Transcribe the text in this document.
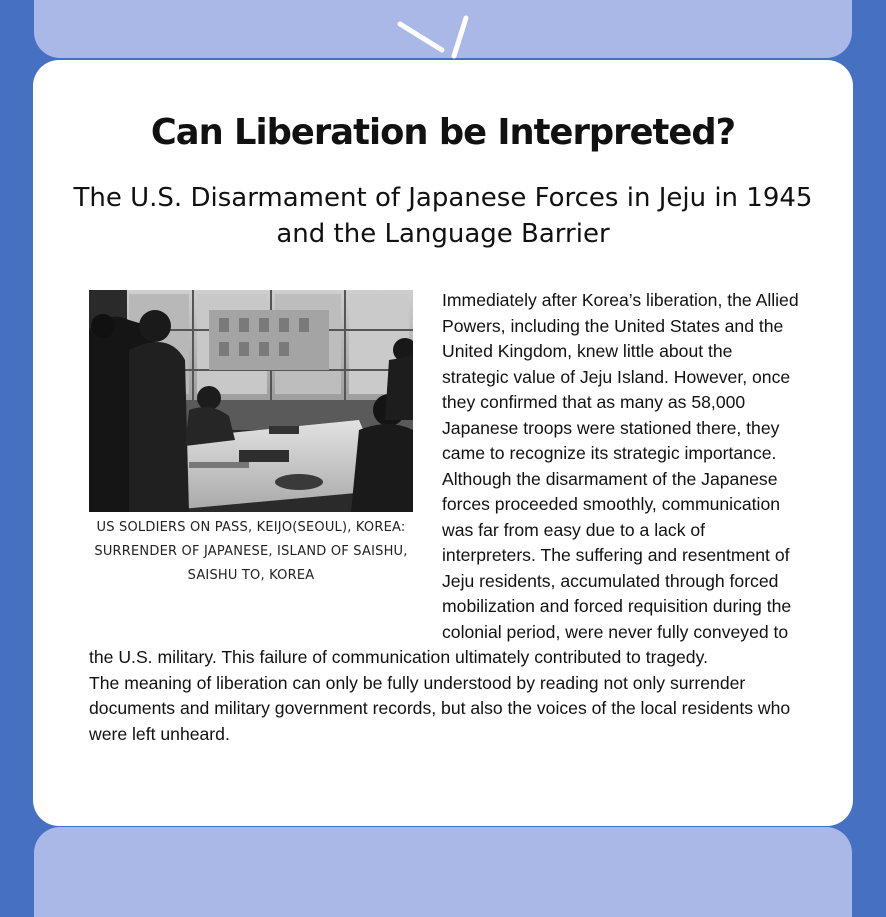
Can Liberation be Interpreted?
The U.S. Disarmament of Japanese Forces in Jeju in 1945 and the Language Barrier

US SOLDIERS ON PASS, KEIJO(SEOUL), KOREA: SURRENDER OF JAPANESE, ISLAND OF SAISHU, SAISHU TO, KOREA

Immediately after Korea’s liberation, the Allied Powers, including the United States and the United Kingdom, knew little about the strategic value of Jeju Island. However, once they confirmed that as many as 58,000 Japanese troops were stationed there, they came to recognize its strategic importance. Although the disarmament of the Japanese forces proceeded smoothly, communication was far from easy due to a lack of interpreters. The suffering and resentment of Jeju residents, accumulated through forced mobilization and forced requisition during the colonial period, were never fully conveyed to the U.S. military. This failure of communication ultimately contributed to tragedy.
The meaning of liberation can only be fully understood by reading not only surrender documents and military government records, but also the voices of the local residents who were left unheard.
